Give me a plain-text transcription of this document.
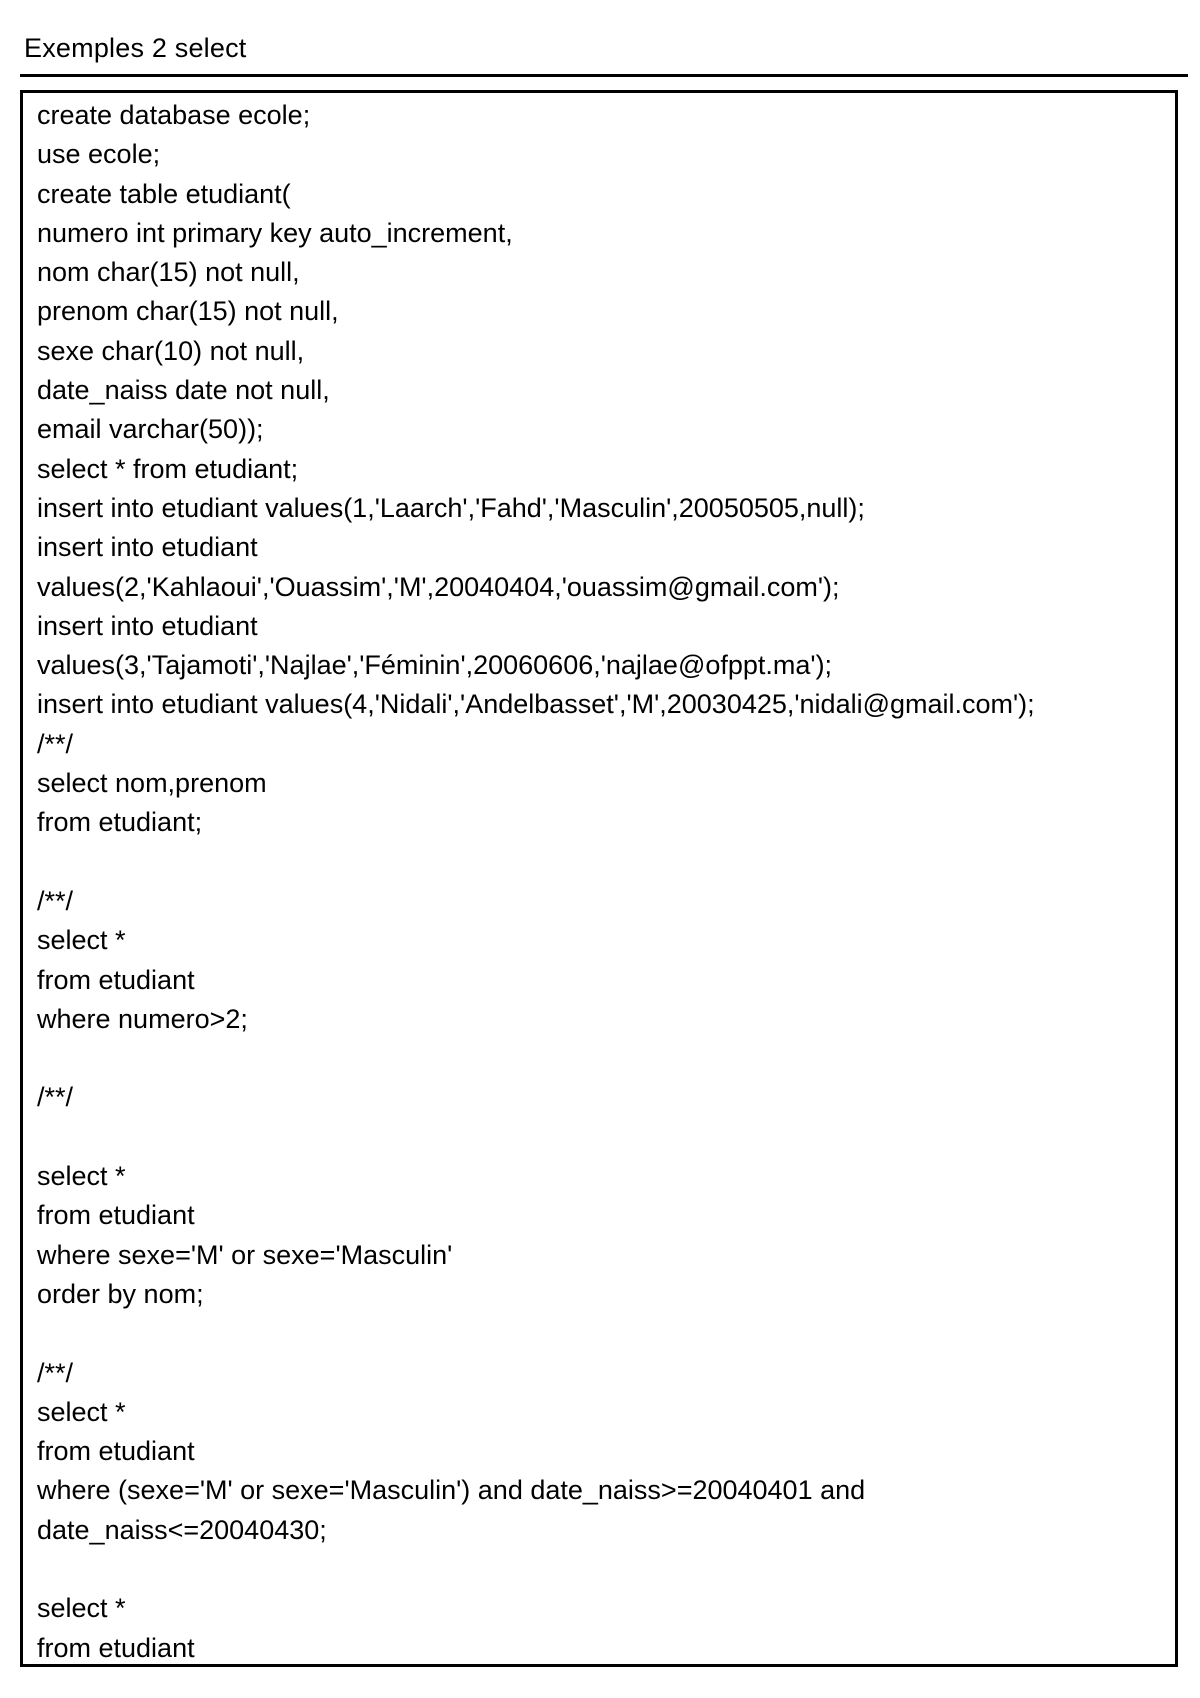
Exemples 2 select
create database ecole;
use ecole;
create table etudiant(
numero int primary key auto_increment,
nom char(15) not null,
prenom char(15) not null,
sexe char(10) not null,
date_naiss date not null,
email varchar(50));
select * from etudiant;
insert into etudiant values(1,'Laarch','Fahd','Masculin',20050505,null);
insert into etudiant
values(2,'Kahlaoui','Ouassim','M',20040404,'ouassim@gmail.com');
insert into etudiant
values(3,'Tajamoti','Najlae','Féminin',20060606,'najlae@ofppt.ma');
insert into etudiant values(4,'Nidali','Andelbasset','M',20030425,'nidali@gmail.com');
/**/
select nom,prenom
from etudiant;
/**/
select *
from etudiant
where numero>2;
/**/
select *
from etudiant
where sexe='M' or sexe='Masculin'
order by nom;
/**/
select *
from etudiant
where (sexe='M' or sexe='Masculin') and date_naiss>=20040401 and
date_naiss<=20040430;
select *
from etudiant
